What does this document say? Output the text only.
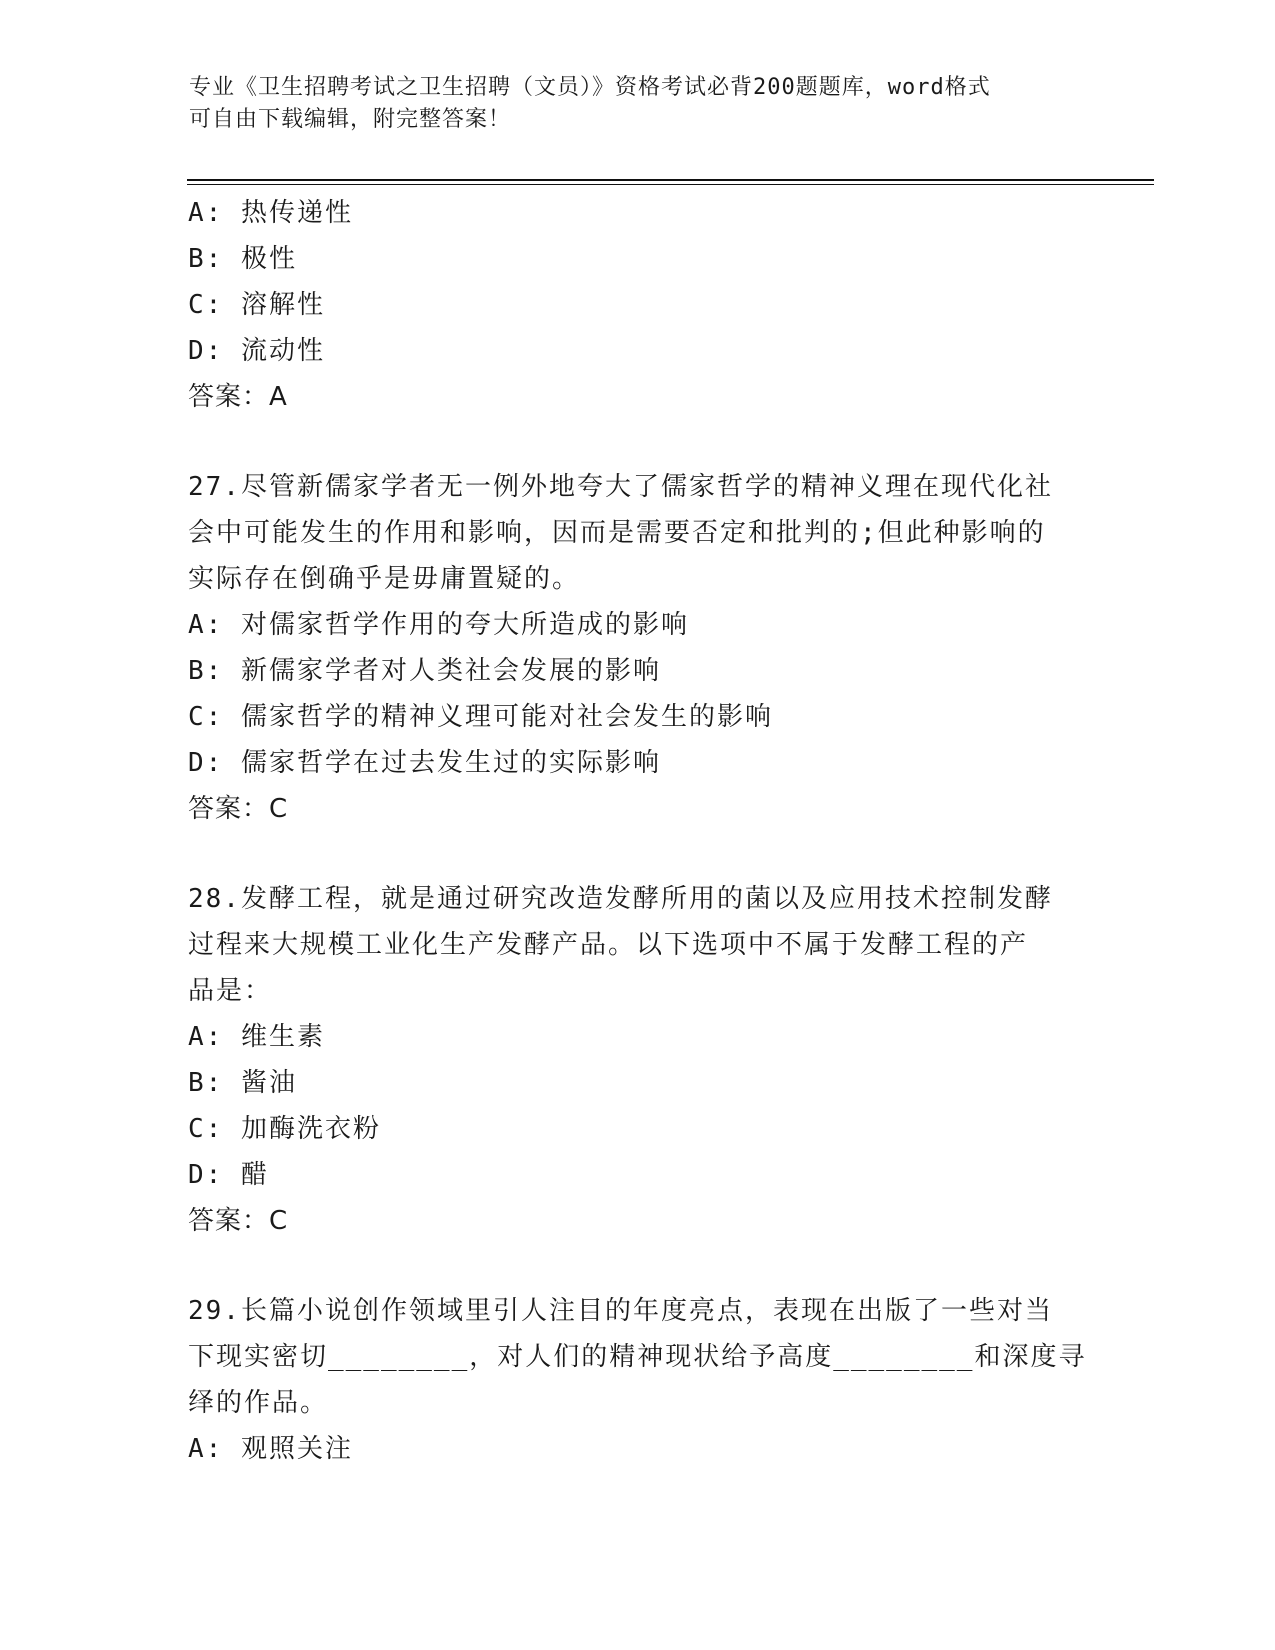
专业《卫生招聘考试之卫生招聘（文员）》资格考试必背200题题库，word格式
可自由下载编辑，附完整答案！
A: 热传递性
B: 极性
C: 溶解性
D: 流动性
答案：A
27.尽管新儒家学者无一例外地夸大了儒家哲学的精神义理在现代化社
会中可能发生的作用和影响，因而是需要否定和批判的;但此种影响的
实际存在倒确乎是毋庸置疑的。
A: 对儒家哲学作用的夸大所造成的影响
B: 新儒家学者对人类社会发展的影响
C: 儒家哲学的精神义理可能对社会发生的影响
D: 儒家哲学在过去发生过的实际影响
答案：C
28.发酵工程，就是通过研究改造发酵所用的菌以及应用技术控制发酵
过程来大规模工业化生产发酵产品。以下选项中不属于发酵工程的产
品是：
A: 维生素
B: 酱油
C: 加酶洗衣粉
D: 醋
答案：C
29.长篇小说创作领域里引人注目的年度亮点，表现在出版了一些对当
下现实密切________，对人们的精神现状给予高度________和深度寻
绎的作品。
A: 观照关注
